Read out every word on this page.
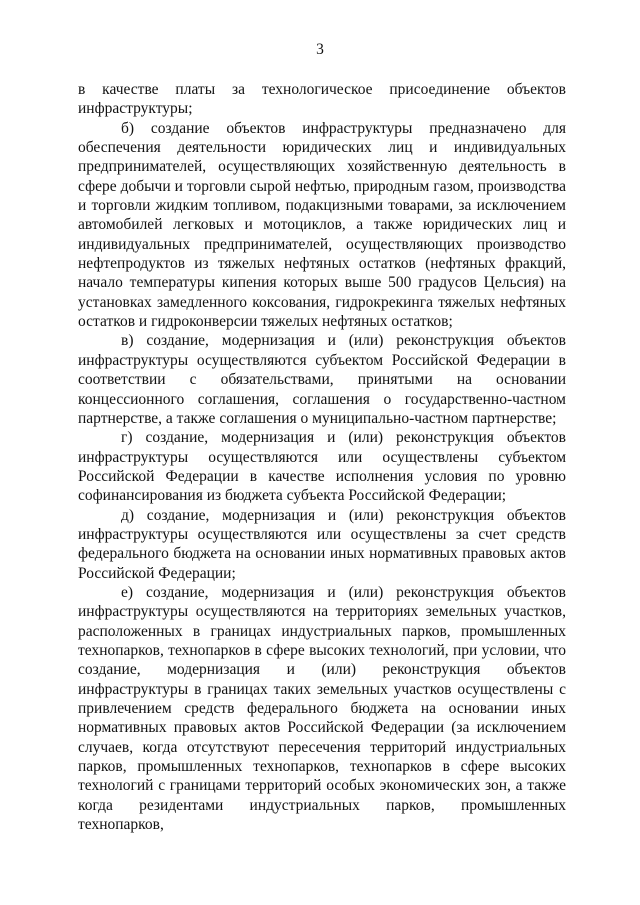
3

в качестве платы за технологическое присоединение объектов инфраструктуры;

б) создание объектов инфраструктуры предназначено для обеспечения деятельности юридических лиц и индивидуальных предпринимателей, осуществляющих хозяйственную деятельность в сфере добычи и торговли сырой нефтью, природным газом, производства и торговли жидким топливом, подакцизными товарами, за исключением автомобилей легковых и мотоциклов, а также юридических лиц и индивидуальных предпринимателей, осуществляющих производство нефтепродуктов из тяжелых нефтяных остатков (нефтяных фракций, начало температуры кипения которых выше 500 градусов Цельсия) на установках замедленного коксования, гидрокрекинга тяжелых нефтяных остатков и гидроконверсии тяжелых нефтяных остатков;

в) создание, модернизация и (или) реконструкция объектов инфраструктуры осуществляются субъектом Российской Федерации в соответствии с обязательствами, принятыми на основании концессионного соглашения, соглашения о государственно-частном партнерстве, а также соглашения о муниципально-частном партнерстве;

г) создание, модернизация и (или) реконструкция объектов инфраструктуры осуществляются или осуществлены субъектом Российской Федерации в качестве исполнения условия по уровню софинансирования из бюджета субъекта Российской Федерации;

д) создание, модернизация и (или) реконструкция объектов инфраструктуры осуществляются или осуществлены за счет средств федерального бюджета на основании иных нормативных правовых актов Российской Федерации;

е) создание, модернизация и (или) реконструкция объектов инфраструктуры осуществляются на территориях земельных участков, расположенных в границах индустриальных парков, промышленных технопарков, технопарков в сфере высоких технологий, при условии, что создание, модернизация и (или) реконструкция объектов инфраструктуры в границах таких земельных участков осуществлены с привлечением средств федерального бюджета на основании иных нормативных правовых актов Российской Федерации (за исключением случаев, когда отсутствуют пересечения территорий индустриальных парков, промышленных технопарков, технопарков в сфере высоких технологий с границами территорий особых экономических зон, а также когда резидентами индустриальных парков, промышленных технопарков,
